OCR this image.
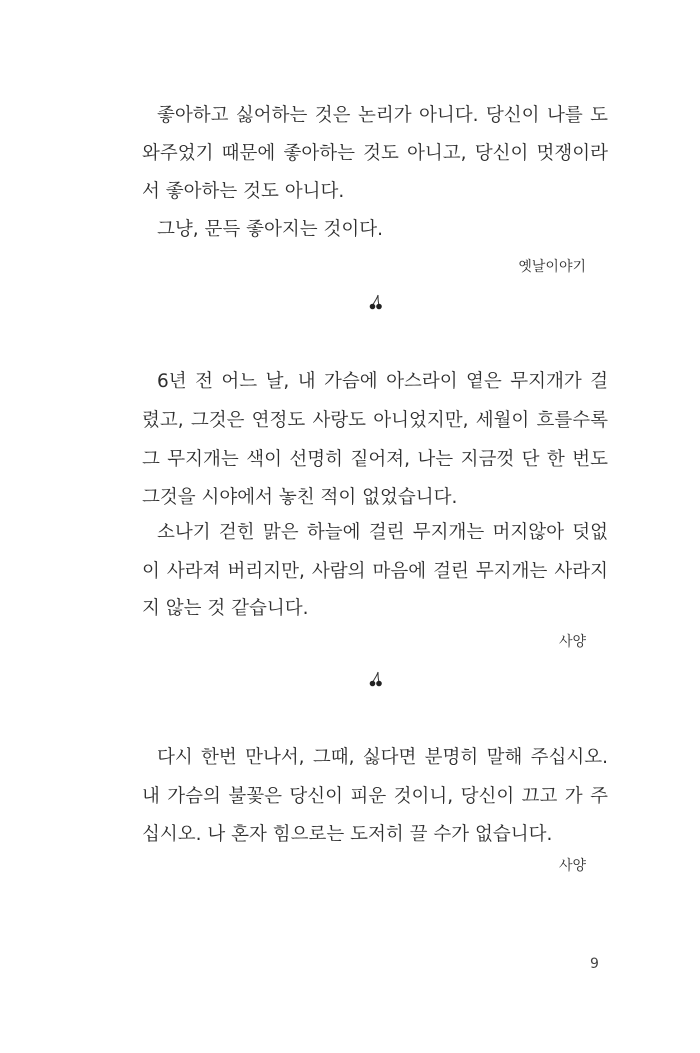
좋아하고 싫어하는 것은 논리가 아니다. 당신이 나를 도
와주었기 때문에 좋아하는 것도 아니고, 당신이 멋쟁이라
서 좋아하는 것도 아니다.
그냥, 문득 좋아지는 것이다.
옛날이야기
6년 전 어느 날, 내 가슴에 아스라이 옅은 무지개가 걸
렸고, 그것은 연정도 사랑도 아니었지만, 세월이 흐를수록
그 무지개는 색이 선명히 짙어져, 나는 지금껏 단 한 번도
그것을 시야에서 놓친 적이 없었습니다.
소나기 걷힌 맑은 하늘에 걸린 무지개는 머지않아 덧없
이 사라져 버리지만, 사람의 마음에 걸린 무지개는 사라지
지 않는 것 같습니다.
사양
다시 한번 만나서, 그때, 싫다면 분명히 말해 주십시오.
내 가슴의 불꽃은 당신이 피운 것이니, 당신이 끄고 가 주
십시오. 나 혼자 힘으로는 도저히 끌 수가 없습니다.
사양
9
